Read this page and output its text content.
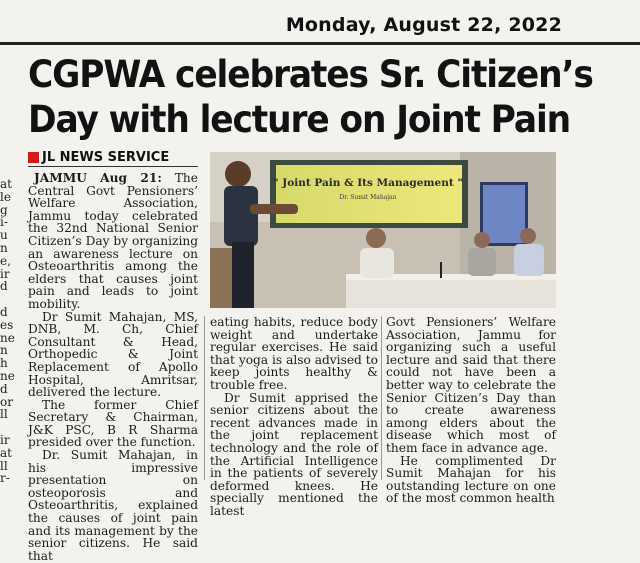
Monday, August 22, 2022
CGPWA celebrates Sr. Citizen’s
Day with lecture on Joint Pain
JL NEWS SERVICE
at
le
g
i-
u
n
e,
ir
d

d
es
ne
n
h
ne
d
or
ll

ir
at
ll
r-

JAMMU Aug 21: The Central Govt Pensioners’ Welfare Association, Jammu today celebrated the 32nd National Senior Citizen’s Day by organizing an awareness lecture on Osteoarthritis among the elders that causes joint pain and leads to joint mobility.

Dr Sumit Mahajan, MS, DNB, M. Ch, Chief Consultant & Head, Orthopedic & Joint Replacement of Apollo Hospital, Amritsar, delivered the lecture.

The former Chief Secretary & Chairman, J&K PSC, B R Sharma presided over the function.

Dr. Sumit Mahajan, in his impressive presentation on osteoporosis and Osteoarthritis, explained the causes of joint pain and its management by the senior citizens. He said that

" Joint Pain & Its Management "
Dr. Sumit Mahajan

eating habits, reduce body weight and undertake regular exercises. He said that yoga is also advised to keep joints healthy & trouble free.

Dr Sumit apprised the senior citizens about the recent advances made in the joint replacement technology and the role of the Artificial Intelligence in the patients of severely deformed knees. He specially mentioned the latest

Govt Pensioners’ Welfare Association, Jammu for organizing such a useful lecture and said that there could not have been a better way to celebrate the Senior Citizen’s Day than to create awareness among elders about the disease which most of them face in advance age.

He complimented Dr Sumit Mahajan for his outstanding lecture on one of the most common health
